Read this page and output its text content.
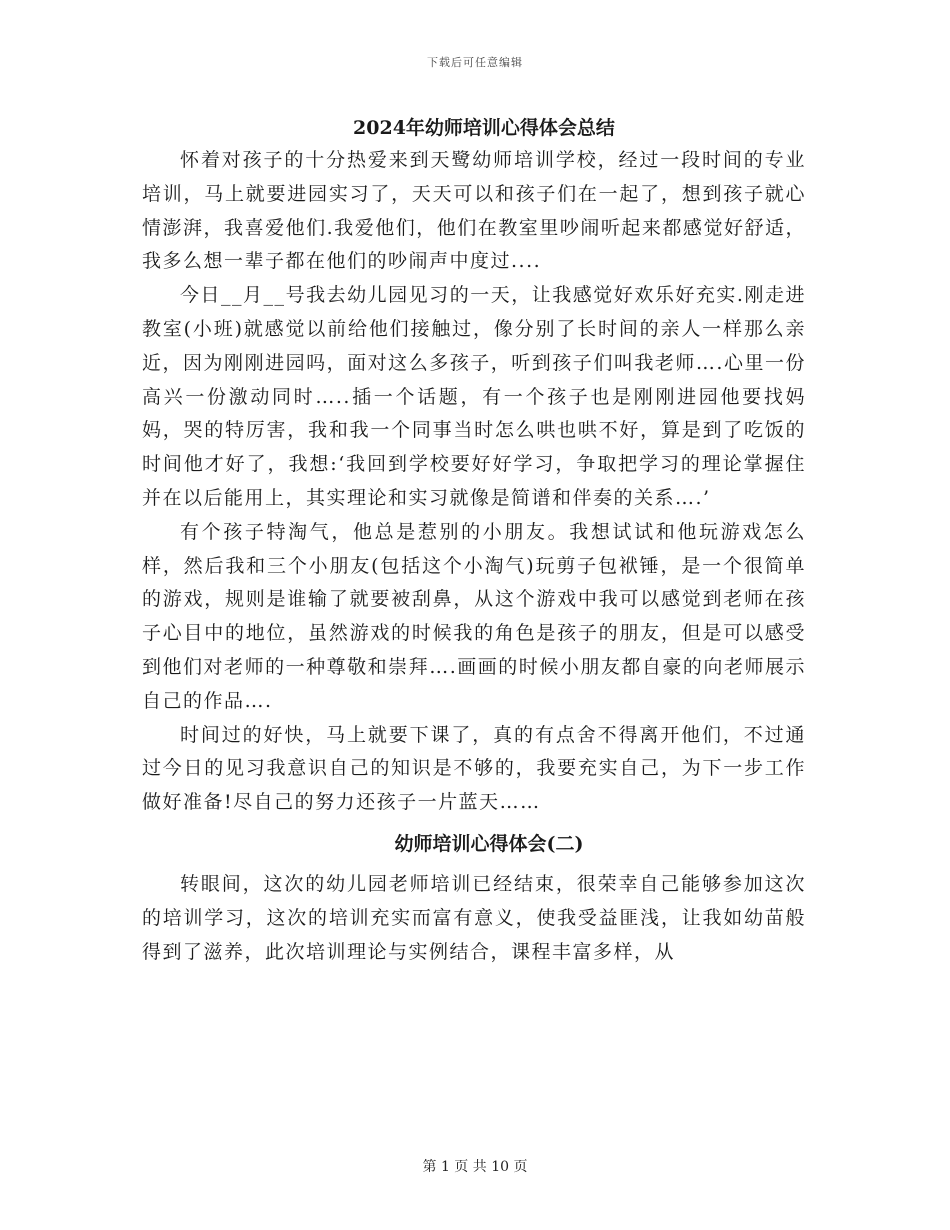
下载后可任意编辑
2024年幼师培训心得体会总结

怀着对孩子的十分热爱来到天鹭幼师培训学校，经过一段时间的专业培训，马上就要进园实习了，天天可以和孩子们在一起了，想到孩子就心情澎湃，我喜爱他们.我爱他们，他们在教室里吵闹听起来都感觉好舒适，我多么想一辈子都在他们的吵闹声中度过....

今日__月__号我去幼儿园见习的一天，让我感觉好欢乐好充实.刚走进教室(小班)就感觉以前给他们接触过，像分别了长时间的亲人一样那么亲近，因为刚刚进园吗，面对这么多孩子，听到孩子们叫我老师….心里一份高兴一份激动同时…..插一个话题，有一个孩子也是刚刚进园他要找妈妈，哭的特厉害，我和我一个同事当时怎么哄也哄不好，算是到了吃饭的时间他才好了，我想:‘我回到学校要好好学习，争取把学习的理论掌握住并在以后能用上，其实理论和实习就像是简谱和伴奏的关系….’

有个孩子特淘气，他总是惹别的小朋友。我想试试和他玩游戏怎么样，然后我和三个小朋友(包括这个小淘气)玩剪子包袱锤，是一个很简单的游戏，规则是谁输了就要被刮鼻，从这个游戏中我可以感觉到老师在孩子心目中的地位，虽然游戏的时候我的角色是孩子的朋友，但是可以感受到他们对老师的一种尊敬和崇拜….画画的时候小朋友都自豪的向老师展示自己的作品….

时间过的好快，马上就要下课了，真的有点舍不得离开他们，不过通过今日的见习我意识自己的知识是不够的，我要充实自己，为下一步工作做好准备!尽自己的努力还孩子一片蓝天……

幼师培训心得体会(二)

转眼间，这次的幼儿园老师培训已经结束，很荣幸自己能够参加这次的培训学习，这次的培训充实而富有意义，使我受益匪浅，让我如幼苗般得到了滋养，此次培训理论与实例结合，课程丰富多样，从

第 1 页 共 10 页
